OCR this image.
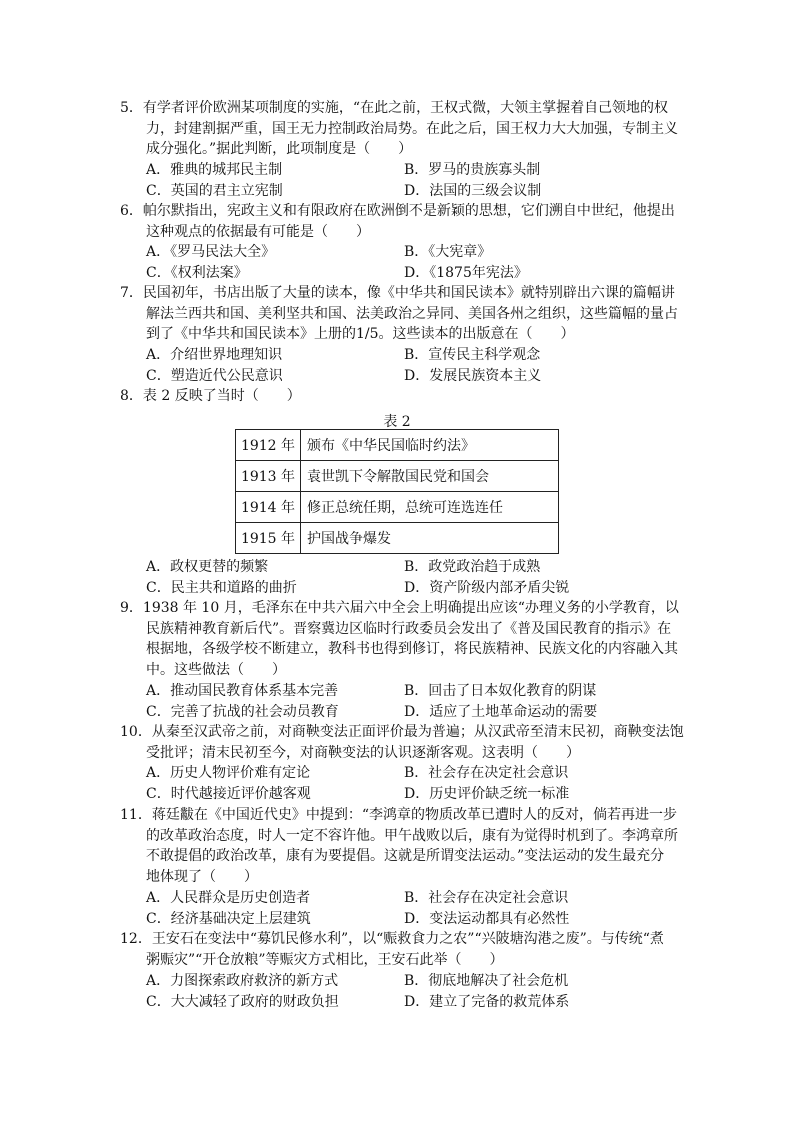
5．有学者评价欧洲某项制度的实施，“在此之前，王权式微，大领主掌握着自己领地的权
力，封建割据严重，国王无力控制政治局势。在此之后，国王权力大大加强，专制主义
成分强化。”据此判断，此项制度是（　　）
A．雅典的城邦民主制	B．罗马的贵族寡头制
C．英国的君主立宪制	D．法国的三级会议制
6．帕尔默指出，宪政主义和有限政府在欧洲倒不是新颖的思想，它们溯自中世纪，他提出
这种观点的依据最有可能是（　　）
A．《罗马民法大全》	B．《大宪章》
C．《权利法案》	D．《1875年宪法》
7．民国初年，书店出版了大量的读本，像《中华共和国民读本》就特别辟出六课的篇幅讲
解法兰西共和国、美利坚共和国、法美政治之异同、美国各州之组织，这些篇幅的量占
到了《中华共和国民读本》上册的1/5。这些读本的出版意在（　　）
A．介绍世界地理知识	B．宣传民主科学观念
C．塑造近代公民意识	D．发展民族资本主义
8．表 2 反映了当时（　　）
表 2
1912 年	颁布《中华民国临时约法》
1913 年	袁世凯下令解散国民党和国会
1914 年	修正总统任期，总统可连选连任
1915 年	护国战争爆发
A．政权更替的频繁	B．政党政治趋于成熟
C．民主共和道路的曲折	D．资产阶级内部矛盾尖锐
9．1938 年 10 月，毛泽东在中共六届六中全会上明确提出应该“办理义务的小学教育，以
民族精神教育新后代”。晋察冀边区临时行政委员会发出了《普及国民教育的指示》在
根据地，各级学校不断建立，教科书也得到修订，将民族精神、民族文化的内容融入其
中。这些做法（　　）
A．推动国民教育体系基本完善	B．回击了日本奴化教育的阴谋
C．完善了抗战的社会动员教育	D．适应了土地革命运动的需要
10．从秦至汉武帝之前，对商鞅变法正面评价最为普遍；从汉武帝至清末民初，商鞅变法饱
受批评；清末民初至今，对商鞅变法的认识逐渐客观。这表明（　　）
A．历史人物评价难有定论	B．社会存在决定社会意识
C．时代越接近评价越客观	D．历史评价缺乏统一标准
11．蒋廷黻在《中国近代史》中提到：“李鸿章的物质改革已遭时人的反对，倘若再进一步
的改革政治态度，时人一定不容许他。甲午战败以后，康有为觉得时机到了。李鸿章所
不敢提倡的政治改革，康有为要提倡。这就是所谓变法运动。”变法运动的发生最充分
地体现了（　　）
A．人民群众是历史创造者	B．社会存在决定社会意识
C．经济基础决定上层建筑	D．变法运动都具有必然性
12．王安石在变法中“募饥民修水利”，以“赈救食力之农”“兴陂塘沟港之废”。与传统“煮
粥赈灾”“开仓放粮”等赈灾方式相比，王安石此举（　　）
A．力图探索政府救济的新方式	B．彻底地解决了社会危机
C．大大减轻了政府的财政负担	D．建立了完备的救荒体系
